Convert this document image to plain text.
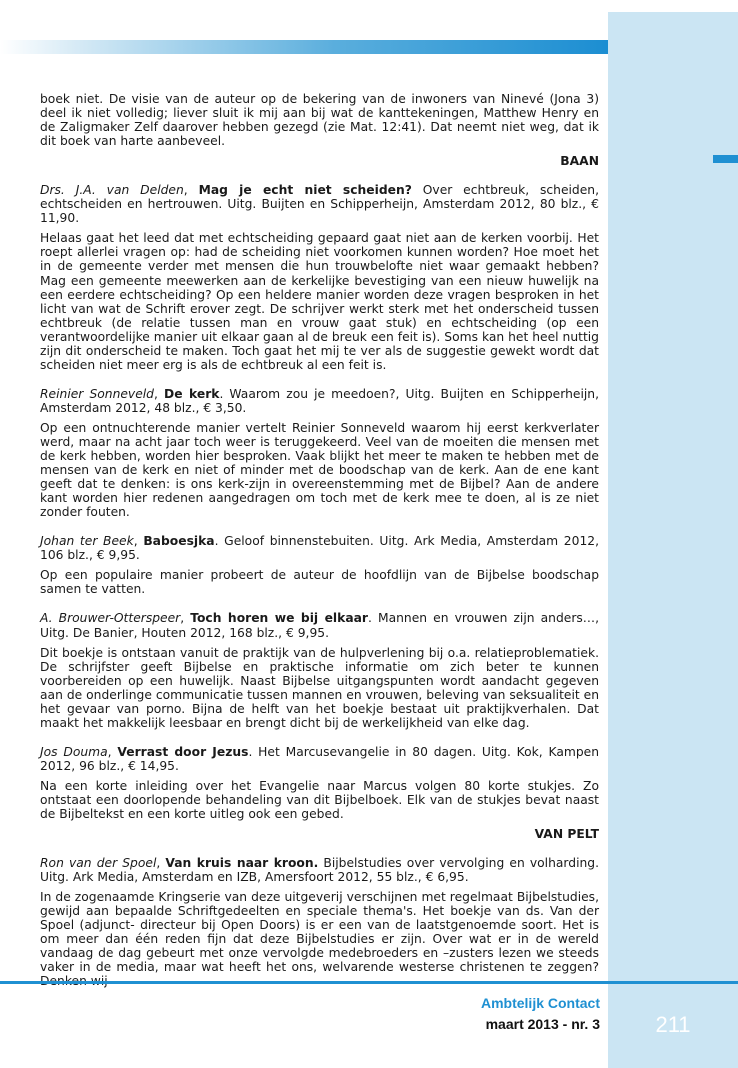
boek niet. De visie van de auteur op de bekering van de inwoners van Ninevé (Jona 3) deel ik niet volledig; liever sluit ik mij aan bij wat de kanttekeningen, Matthew Henry en de Zaligmaker Zelf daarover hebben gezegd (zie Mat. 12:41). Dat neemt niet weg, dat ik dit boek van harte aanbeveel.

BAAN

Drs. J.A. van Delden, Mag je echt niet scheiden? Over echtbreuk, scheiden, echtscheiden en hertrouwen. Uitg. Buijten en Schipperheijn, Amsterdam 2012, 80 blz., € 11,90.

Helaas gaat het leed dat met echtscheiding gepaard gaat niet aan de kerken voorbij. Het roept allerlei vragen op: had de scheiding niet voorkomen kunnen worden? Hoe moet het in de gemeente verder met mensen die hun trouwbelofte niet waar gemaakt hebben? Mag een gemeente meewerken aan de kerkelijke bevestiging van een nieuw huwelijk na een eerdere echtscheiding? Op een heldere manier worden deze vragen besproken in het licht van wat de Schrift erover zegt. De schrijver werkt sterk met het onderscheid tussen echtbreuk (de relatie tussen man en vrouw gaat stuk) en echtscheiding (op een verantwoordelijke manier uit elkaar gaan al de breuk een feit is). Soms kan het heel nuttig zijn dit onderscheid te maken. Toch gaat het mij te ver als de suggestie gewekt wordt dat scheiden niet meer erg is als de echtbreuk al een feit is.

Reinier Sonneveld, De kerk. Waarom zou je meedoen?, Uitg. Buijten en Schipperheijn, Amsterdam 2012, 48 blz., € 3,50.

Op een ontnuchterende manier vertelt Reinier Sonneveld waarom hij eerst kerkverlater werd, maar na acht jaar toch weer is teruggekeerd. Veel van de moeiten die mensen met de kerk hebben, worden hier besproken. Vaak blijkt het meer te maken te hebben met de mensen van de kerk en niet of minder met de boodschap van de kerk. Aan de ene kant geeft dat te denken: is ons kerk-zijn in overeenstemming met de Bijbel? Aan de andere kant worden hier redenen aangedragen om toch met de kerk mee te doen, al is ze niet zonder fouten.

Johan ter Beek, Baboesjka. Geloof binnenstebuiten. Uitg. Ark Media, Amsterdam 2012, 106 blz., € 9,95.

Op een populaire manier probeert de auteur de hoofdlijn van de Bijbelse boodschap samen te vatten.

A. Brouwer-Otterspeer, Toch horen we bij elkaar. Mannen en vrouwen zijn anders…, Uitg. De Banier, Houten 2012, 168 blz., € 9,95.

Dit boekje is ontstaan vanuit de praktijk van de hulpverlening bij o.a. relatieproblematiek. De schrijfster geeft Bijbelse en praktische informatie om zich beter te kunnen voorbereiden op een huwelijk. Naast Bijbelse uitgangspunten wordt aandacht gegeven aan de onderlinge communicatie tussen mannen en vrouwen, beleving van seksualiteit en het gevaar van porno. Bijna de helft van het boekje bestaat uit praktijkverhalen. Dat maakt het makkelijk leesbaar en brengt dicht bij de werkelijkheid van elke dag.

Jos Douma, Verrast door Jezus. Het Marcusevangelie in 80 dagen. Uitg. Kok, Kampen 2012, 96 blz., € 14,95.

Na een korte inleiding over het Evangelie naar Marcus volgen 80 korte stukjes. Zo ontstaat een doorlopende behandeling van dit Bijbelboek. Elk van de stukjes bevat naast de Bijbeltekst en een korte uitleg ook een gebed.

VAN PELT

Ron van der Spoel, Van kruis naar kroon. Bijbelstudies over vervolging en volharding. Uitg. Ark Media, Amsterdam en IZB, Amersfoort 2012, 55 blz., € 6,95.

In de zogenaamde Kringserie van deze uitgeverij verschijnen met regelmaat Bijbelstudies, gewijd aan bepaalde Schriftgedeelten en speciale thema's. Het boekje van ds. Van der Spoel (adjunct- directeur bij Open Doors) is er een van de laatstgenoemde soort. Het is om meer dan één reden fijn dat deze Bijbelstudies er zijn. Over wat er in de wereld vandaag de dag gebeurt met onze vervolgde medebroeders en –zusters lezen we steeds vaker in de media, maar wat heeft het ons, welvarende westerse christenen te zeggen?

Ambtelijk Contact
maart 2013 - nr. 3	211
